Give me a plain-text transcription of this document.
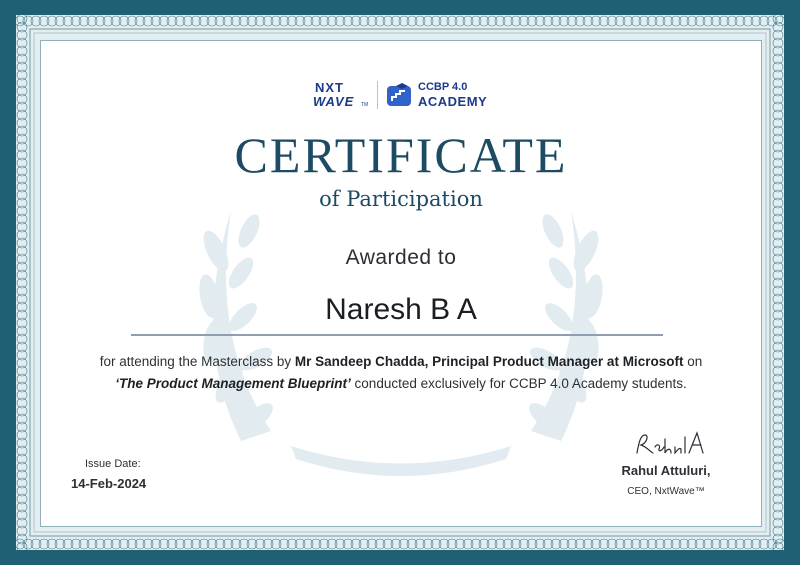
NXT
WAVE TM
CCBP 4.0
ACADEMY
CERTIFICATE
of Participation
Awarded to
Naresh B A
for attending the Masterclass by Mr Sandeep Chadda, Principal Product Manager at Microsoft on
‘The Product Management Blueprint’ conducted exclusively for CCBP 4.0 Academy students.
Issue Date:
14-Feb-2024
Rahul Attuluri,
CEO, NxtWave™
